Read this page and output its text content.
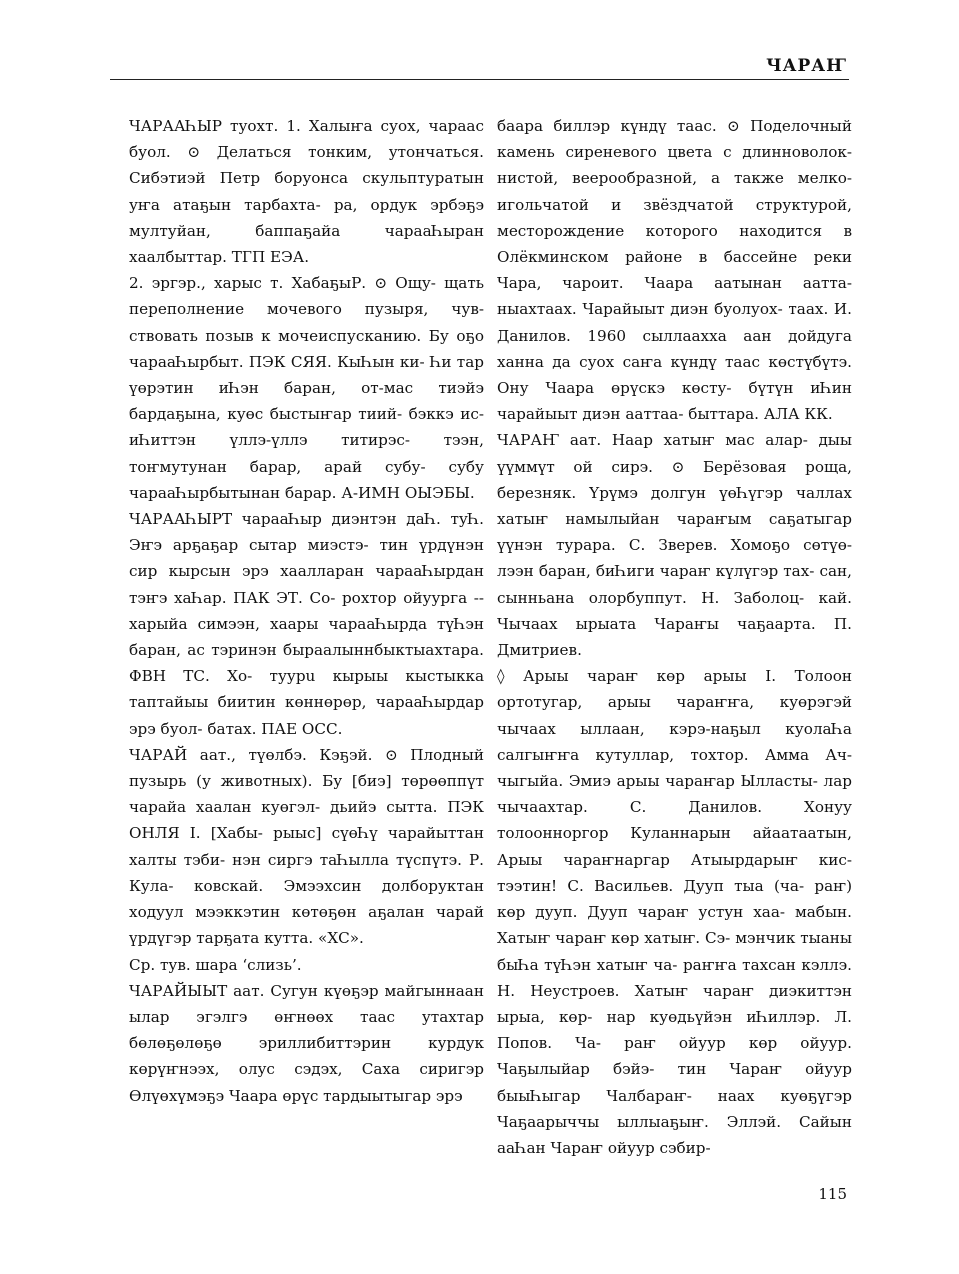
ЧАРАҤ

ЧАРААҺЫР туохт. 1. Халыҥа суох, чараас буол. ⊙ Делаться тонким, утончаться. Сибэтиэй Петр боруонса скульптуратын уҥа атаҕын тарбахта- ра, ордук эрбэҕэ мултуйан, баппаҕайа чарааҺыран хаалбыттар. ТГП ЕЭА.

2. эргэр., харыс т. ХабаҕыР. ⊙ Ощу- щать переполнение мочевого пузыря, чув- ствовать позыв к мочеиспусканию. Бу оҕо чарааҺырбыт. ПЭК СЯЯ. КыҺын ки- Һи тар үөрэтин иҺэн баран, от-мас тиэйэ бардаҕына, куөс быстыҥар тиий- бэккэ ис-иҺиттэн үллэ-үллэ титирэс- тээн, тоҥмутунан барар, арай субу- субу чарааҺырбытынан барар. А-ИМН ОЫЭБЫ.

ЧАРААҺЫРТ чарааҺыр диэнтэн даҺ. туҺ. Эҥэ арҕаҕар сытар миэстэ- тин үрдүнэн сир кырсын эрэ хаалларан чарааҺырдан тэҥэ хаҺар. ПАК ЭТ. Со- рохтор ойуурга -- харыйа симээн, хаары чарааҺырда түҺэн баран, ас тэринэн быраалыннбыктыахтара. ФВН ТС. Хо- туурu кырыы кыстыкка таптайыы биитин көннөрөр, чарааҺырдар эрэ буол- батах. ПАЕ ОСС.

ЧАРАЙ аат., түөлбэ. Кэҕэй. ⊙ Плодный пузырь (у животных). Бу [биэ] төрөөппүт чарайа хаалан куөгэл- дьийэ сытта. ПЭК ОНЛЯ I. [Хабы- рыыс] сүөҺү чарайыттан халты тэби- нэн сиргэ таҺылла түспүтэ. Р. Кула- ковскай. Эмээхсин долборуктан ходуул мээккэтин көтөҕөн аҕалан чарай үрдүгэр тарҕата кутта. «ХС».

Ср. тув. шара ‘слизь’.

ЧАРАЙЫЫТ аат. Сугун күөҕэр майгыннаан ылар эгэлгэ өҥнөөх таас утахтар бөлөҕөлөҕө эриллибиттэрин курдук көрүҥнээх, олус сэдэх, Саха сиригэр Өлүөхүмэҕэ Чаара өрүс тардыытыгар эрэ

баара биллэр күндү таас. ⊙ Поделочный камень сиреневого цвета с длинноволок- нистой, веерообразной, а также мелко- игольчатой и звёздчатой структурой, месторождение которого находится в Олёкминском районе в бассейне реки Чара, чароит. Чаара аатынан аатта- ныахтаах. Чарайыыт диэн буолуох- таах. И. Данилов. 1960 сыллааххa аан дойдуга ханна да суох саҥа күндү таас көстүбүтэ. Ону Чаара өрүскэ көсту- бүтүн иҺин чарайыыт диэн ааттаа- быттара. АЛА КК.

ЧАРАҤ аат. Наар хатыҥ мас алар- дыы үүммүт ой сирэ. ⊙ Берёзовая роща, березняк. Үрүмэ долгун үөҺүгэр чаллах хатыҥ намылыйан чараҥым саҕатыгар үүнэн турара. С. Зверев. Хомоҕо сөтүө- лээн баран, биҺиги чараҥ күлүгэр тах- сан, сынньана олорбуппут. Н. Заболоц- кай. Чычаах ырыата Чараҥы чаҕаарта. П. Дмитриев.

◊ Арыы чараҥ көр арыы I. Толоон ортотугар, арыы чараҥҥа, куөрэгэй чычаах ыллаан, кэрэ-наҕыл куолаҺа салгыҥҥа кутуллар, тохтор. Амма Ач- чыгыйа. Эмиэ арыы чараҥар Ылласты- лар чычаахтар. С. Данилов. Хонуу толоонноргор Куланнарын айаатаатын, Арыы чараҥнаргар Атыырдарыҥ кис- тээтин! С. Васильев. Дууп тыа (ча- раҥ) көр дууп. Дууп чараҥ устун хаа- мабын. Хатыҥ чараҥ көр хатыҥ. Сэ- мэнчик тыаны быҺа түҺэн хатыҥ ча- раҥҥа тахсан кэллэ. Н. Неустроев. Хатыҥ чараҥ диэкиттэн ырыа, көр- нар куөдьүйэн иҺиллэр. Л. Попов. Ча- раҥ ойуур көр ойуур. Чаҕылыйар бэйэ- тин Чараҥ ойуур быыҺыгар Чалбараҥ- наах куөҕүгэр Чаҕаарыччы ыллыаҕыҥ. Эллэй. Сайын ааҺан Чараҥ ойуур сэбир-

115
